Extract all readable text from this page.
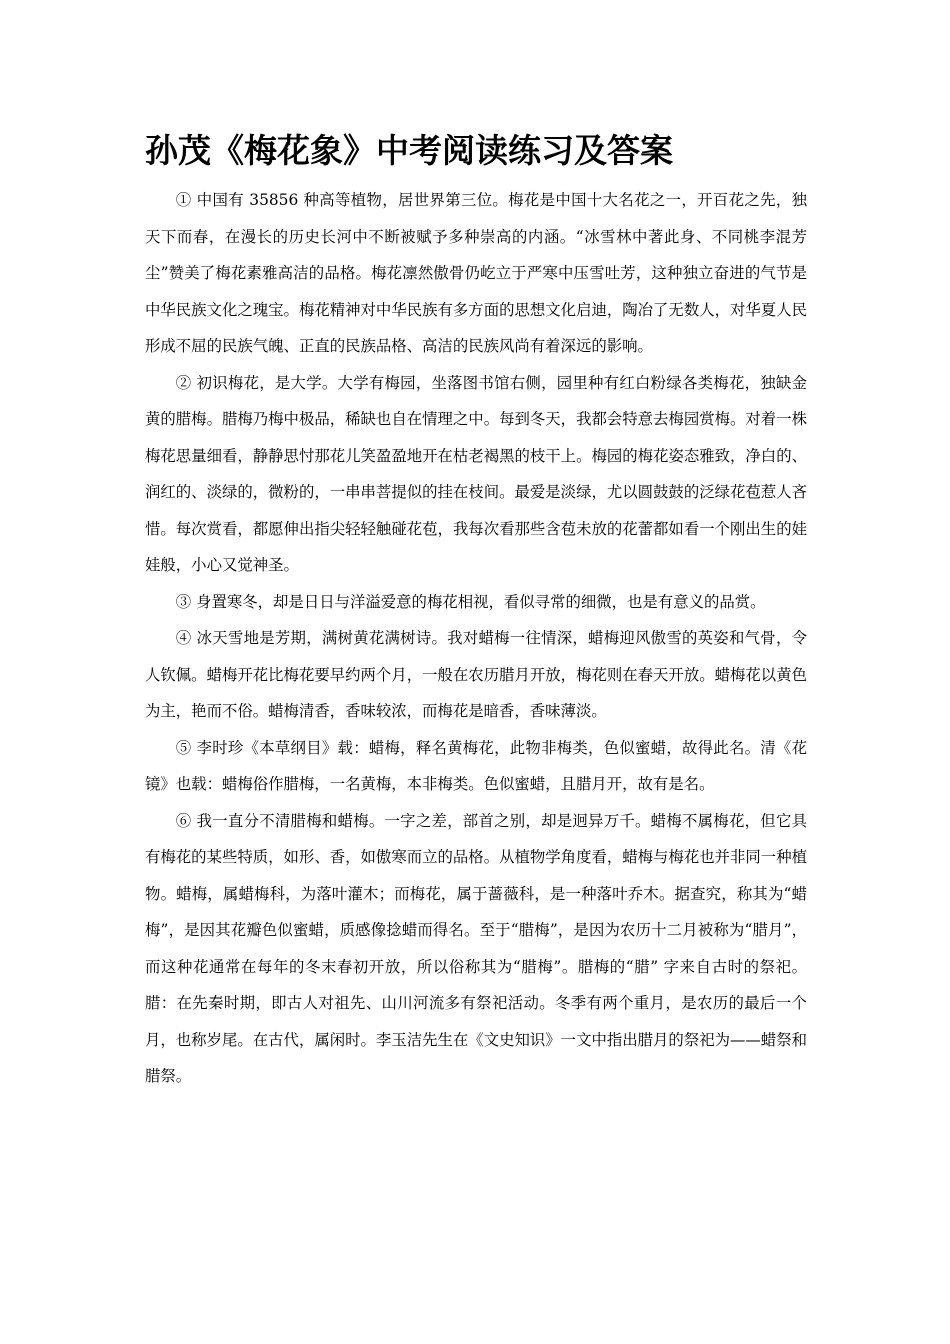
孙茂《梅花象》中考阅读练习及答案

① 中国有 35856 种高等植物，居世界第三位。梅花是中国十大名花之一，开百花之先，独天下而春，在漫长的历史长河中不断被赋予多种崇高的内涵。“冰雪林中著此身、不同桃李混芳尘”赞美了梅花素雅高洁的品格。梅花凛然傲骨仍屹立于严寒中压雪吐芳，这种独立奋进的气节是中华民族文化之瑰宝。梅花精神对中华民族有多方面的思想文化启迪，陶冶了无数人，对华夏人民形成不屈的民族气魄、正直的民族品格、高洁的民族风尚有着深远的影响。

② 初识梅花，是大学。大学有梅园，坐落图书馆右侧，园里种有红白粉绿各类梅花，独缺金黄的腊梅。腊梅乃梅中极品，稀缺也自在情理之中。每到冬天，我都会特意去梅园赏梅。对着一株梅花思量细看，静静思忖那花儿笑盈盈地开在枯老褐黑的枝干上。梅园的梅花姿态雅致，净白的、润红的、淡绿的，微粉的，一串串菩提似的挂在枝间。最爱是淡绿，尤以圆鼓鼓的泛绿花苞惹人吝惜。每次赏看，都愿伸出指尖轻轻触碰花苞，我每次看那些含苞未放的花蕾都如看一个刚出生的娃娃般，小心又觉神圣。

③ 身置寒冬，却是日日与洋溢爱意的梅花相视，看似寻常的细微，也是有意义的品赏。

④ 冰天雪地是芳期，满树黄花满树诗。我对蜡梅一往情深，蜡梅迎风傲雪的英姿和气骨，令人钦佩。蜡梅开花比梅花要早约两个月，一般在农历腊月开放，梅花则在春天开放。蜡梅花以黄色为主，艳而不俗。蜡梅清香，香味较浓，而梅花是暗香，香味薄淡。

⑤ 李时珍《本草纲目》载：蜡梅，释名黄梅花，此物非梅类，色似蜜蜡，故得此名。清《花镜》也载：蜡梅俗作腊梅，一名黄梅，本非梅类。色似蜜蜡，且腊月开，故有是名。

⑥ 我一直分不清腊梅和蜡梅。一字之差，部首之别，却是迥异万千。蜡梅不属梅花，但它具有梅花的某些特质，如形、香，如傲寒而立的品格。从植物学角度看，蜡梅与梅花也并非同一种植物。蜡梅，属蜡梅科，为落叶灌木；而梅花，属于蔷薇科，是一种落叶乔木。据查究，称其为“蜡梅”，是因其花瓣色似蜜蜡，质感像捻蜡而得名。至于“腊梅”，是因为农历十二月被称为“腊月”，而这种花通常在每年的冬末春初开放，所以俗称其为“腊梅”。腊梅的“腊” 字来自古时的祭祀。腊：在先秦时期，即古人对祖先、山川河流多有祭祀活动。冬季有两个重月，是农历的最后一个月，也称岁尾。在古代，属闲时。李玉洁先生在《文史知识》一文中指出腊月的祭祀为——蜡祭和腊祭。
